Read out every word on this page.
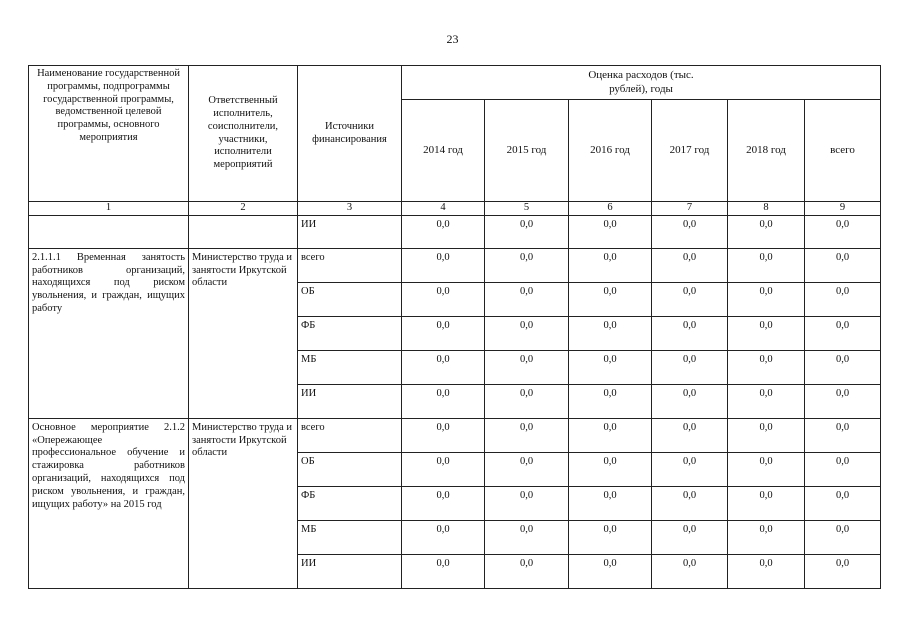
23
Наименование государственной программы, подпрограммы государственной программы, ведомственной целевой программы, основного мероприятия	Ответственный исполнитель, соисполнители, участники, исполнители мероприятий	Источники финансирования	Оценка расходов (тыс. рублей), годы					
			2014 год	2015 год	2016 год	2017 год	2018 год	всего
1	2	3	4	5	6	7	8	9
		ИИ	0,0	0,0	0,0	0,0	0,0	0,0
2.1.1.1 Временная занятость работников организаций, находящихся под риском увольнения, и граждан, ищущих работу	Министерство труда и занятости Иркутской области	всего	0,0	0,0	0,0	0,0	0,0	0,0
		ОБ	0,0	0,0	0,0	0,0	0,0	0,0
		ФБ	0,0	0,0	0,0	0,0	0,0	0,0
		МБ	0,0	0,0	0,0	0,0	0,0	0,0
		ИИ	0,0	0,0	0,0	0,0	0,0	0,0
Основное мероприятие 2.1.2 «Опережающее профессиональное обучение и стажировка работников организаций, находящихся под риском увольнения, и граждан, ищущих работу» на 2015 год	Министерство труда и занятости Иркутской области	всего	0,0	0,0	0,0	0,0	0,0	0,0
		ОБ	0,0	0,0	0,0	0,0	0,0	0,0
		ФБ	0,0	0,0	0,0	0,0	0,0	0,0
		МБ	0,0	0,0	0,0	0,0	0,0	0,0
		ИИ	0,0	0,0	0,0	0,0	0,0	0,0
